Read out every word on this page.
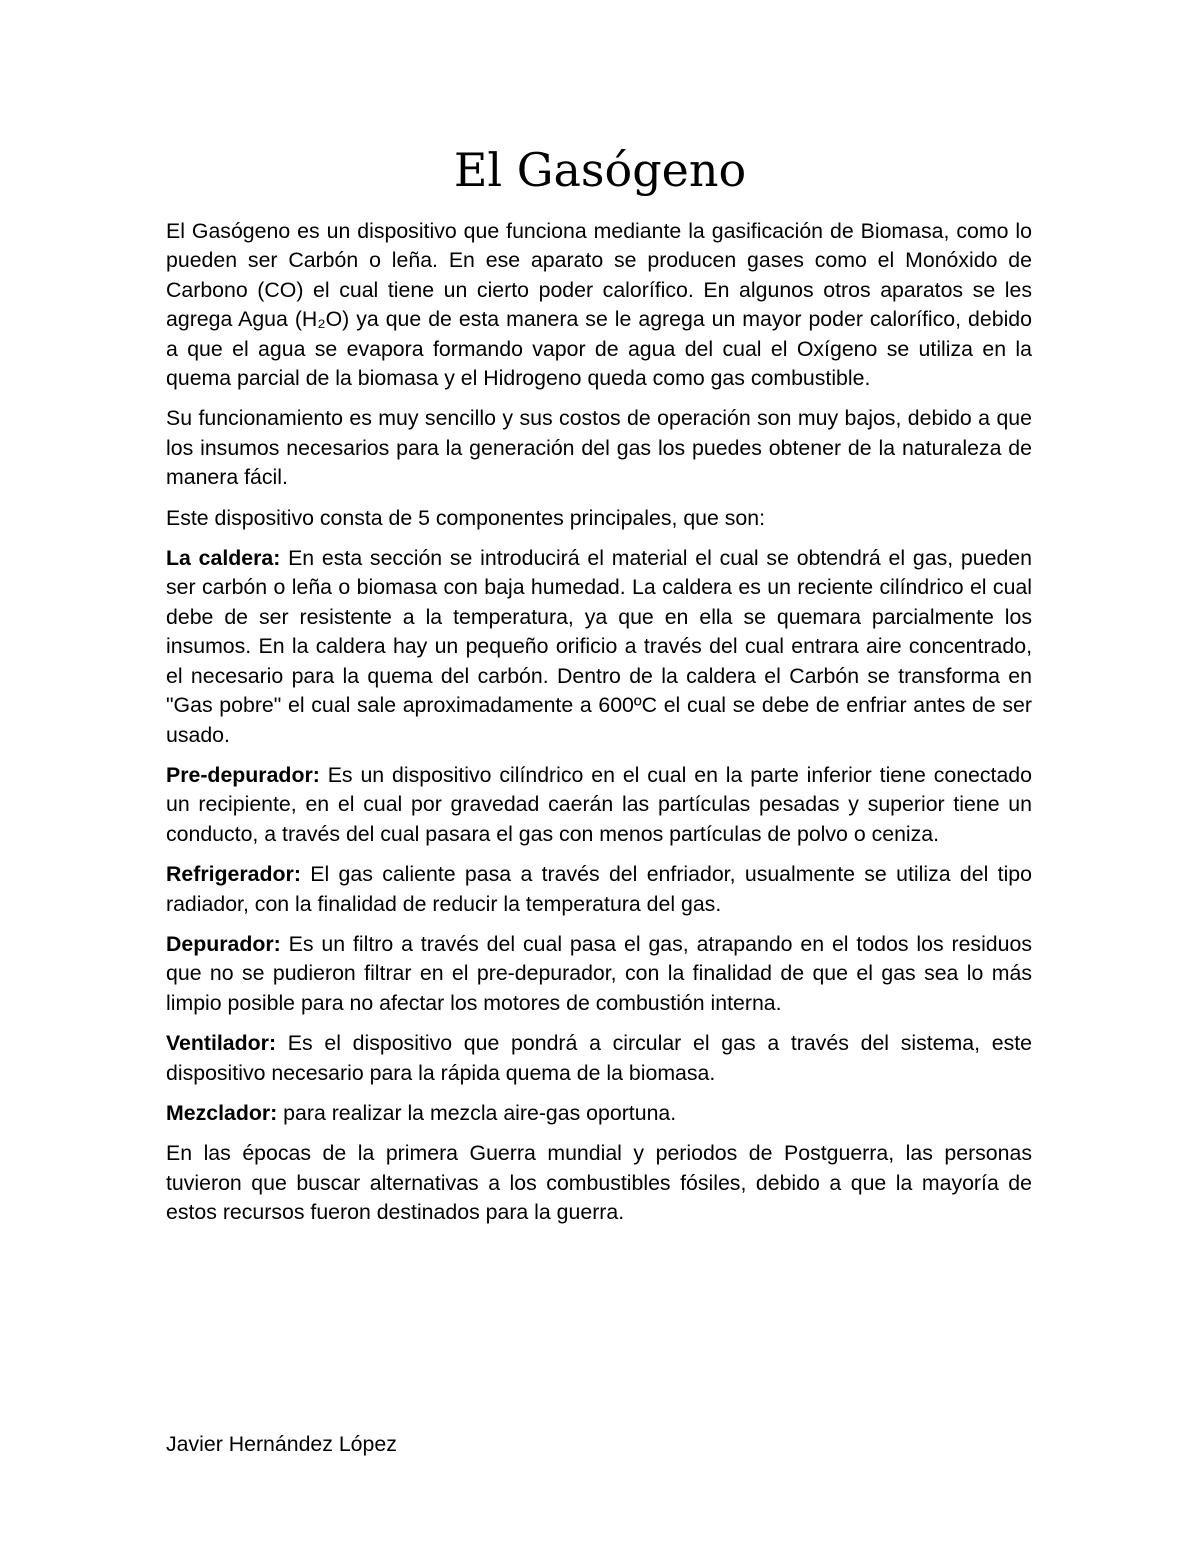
El Gasógeno

El Gasógeno es un dispositivo que funciona mediante la gasificación de Biomasa, como lo pueden ser Carbón o leña. En ese aparato se producen gases como el Monóxido de Carbono (CO) el cual tiene un cierto poder calorífico. En algunos otros aparatos se les agrega Agua (H₂O) ya que de esta manera se le agrega un mayor poder calorífico, debido a que el agua se evapora formando vapor de agua del cual el Oxígeno se utiliza en la quema parcial de la biomasa y el Hidrogeno queda como gas combustible.

Su funcionamiento es muy sencillo y sus costos de operación son muy bajos, debido a que los insumos necesarios para la generación del gas los puedes obtener de la naturaleza de manera fácil.

Este dispositivo consta de 5 componentes principales, que son:

La caldera: En esta sección se introducirá el material el cual se obtendrá el gas, pueden ser carbón o leña o biomasa con baja humedad. La caldera es un reciente cilíndrico el cual debe de ser resistente a la temperatura, ya que en ella se quemara parcialmente los insumos. En la caldera hay un pequeño orificio a través del cual entrara aire concentrado, el necesario para la quema del carbón. Dentro de la caldera el Carbón se transforma en "Gas pobre" el cual sale aproximadamente a 600ºC el cual se debe de enfriar antes de ser usado.

Pre-depurador: Es un dispositivo cilíndrico en el cual en la parte inferior tiene conectado un recipiente, en el cual por gravedad caerán las partículas pesadas y superior tiene un conducto, a través del cual pasara el gas con menos partículas de polvo o ceniza.

Refrigerador: El gas caliente pasa a través del enfriador, usualmente se utiliza del tipo radiador, con la finalidad de reducir la temperatura del gas.

Depurador: Es un filtro a través del cual pasa el gas, atrapando en el todos los residuos que no se pudieron filtrar en el pre-depurador, con la finalidad de que el gas sea lo más limpio posible para no afectar los motores de combustión interna.

Ventilador: Es el dispositivo que pondrá a circular el gas a través del sistema, este dispositivo necesario para la rápida quema de la biomasa.

Mezclador: para realizar la mezcla aire-gas oportuna.

En las épocas de la primera Guerra mundial y periodos de Postguerra, las personas tuvieron que buscar alternativas a los combustibles fósiles, debido a que la mayoría de estos recursos fueron destinados para la guerra.

Javier Hernández López
